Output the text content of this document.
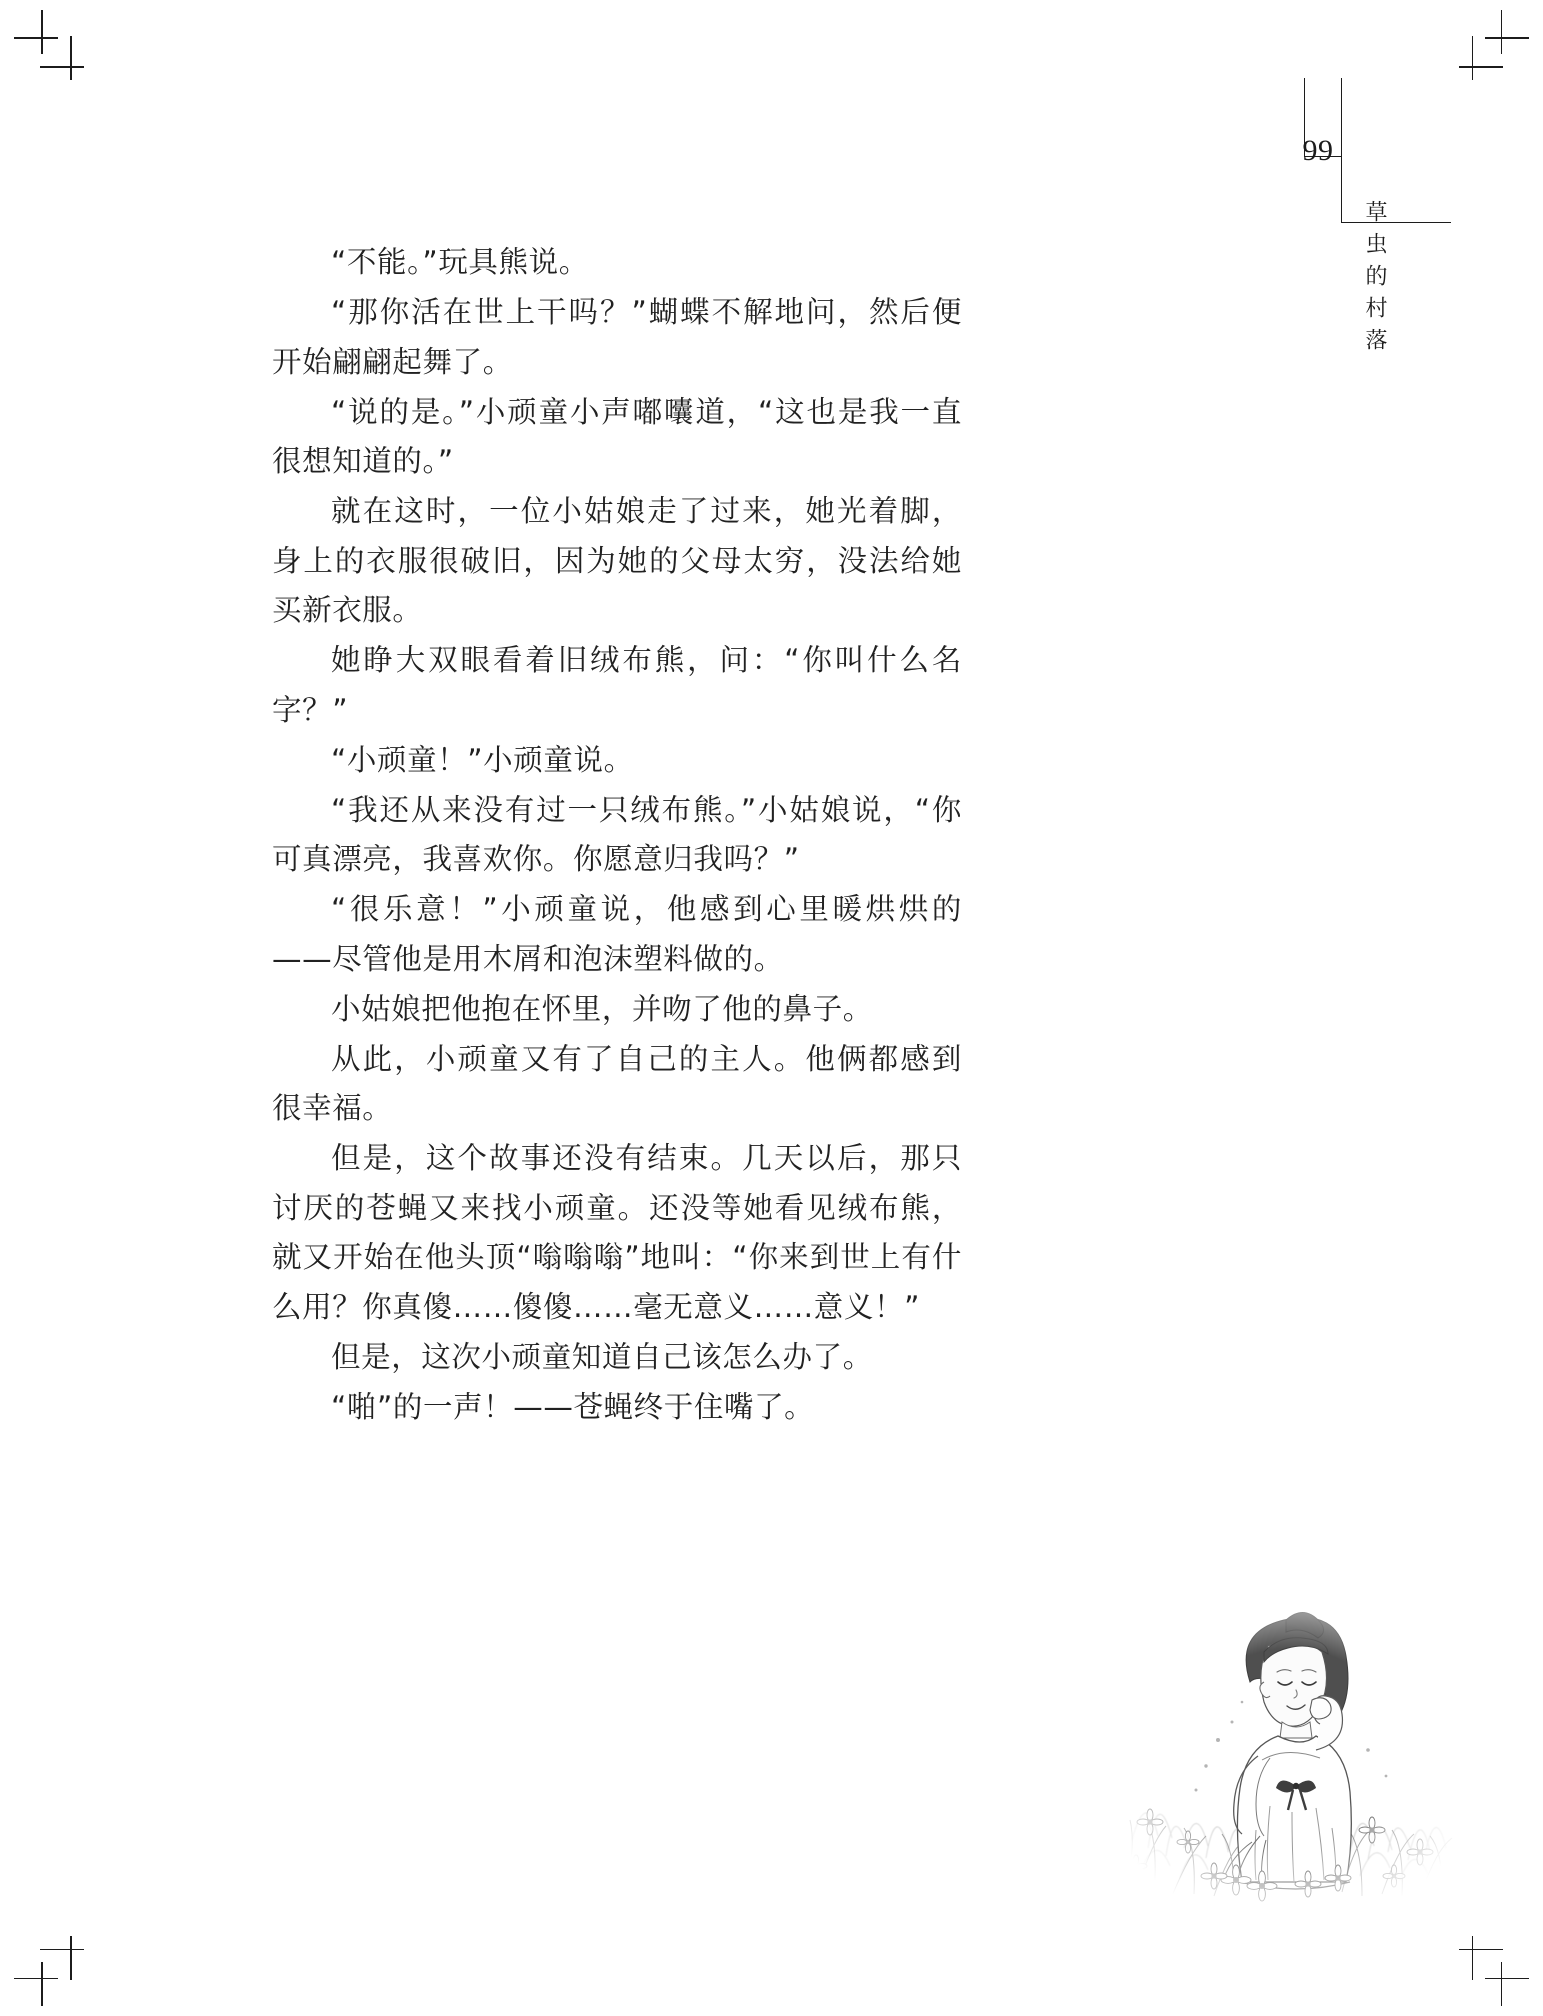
99
草虫的村落

“不能。”玩具熊说。

“那你活在世上干吗？”蝴蝶不解地问，然后便开始翩翩起舞了。

“说的是。”小顽童小声嘟囔道，“这也是我一直很想知道的。”

就在这时，一位小姑娘走了过来，她光着脚，身上的衣服很破旧，因为她的父母太穷，没法给她买新衣服。

她睁大双眼看着旧绒布熊，问：“你叫什么名字？”

“小顽童！”小顽童说。

“我还从来没有过一只绒布熊。”小姑娘说，“你可真漂亮，我喜欢你。你愿意归我吗？”

“很乐意！”小顽童说，他感到心里暖烘烘的——尽管他是用木屑和泡沫塑料做的。

小姑娘把他抱在怀里，并吻了他的鼻子。

从此，小顽童又有了自己的主人。他俩都感到很幸福。

但是，这个故事还没有结束。几天以后，那只讨厌的苍蝇又来找小顽童。还没等她看见绒布熊，就又开始在他头顶“嗡嗡嗡”地叫：“你来到世上有什么用？你真傻……傻傻……毫无意义……意义！”

但是，这次小顽童知道自己该怎么办了。

“啪”的一声！——苍蝇终于住嘴了。
